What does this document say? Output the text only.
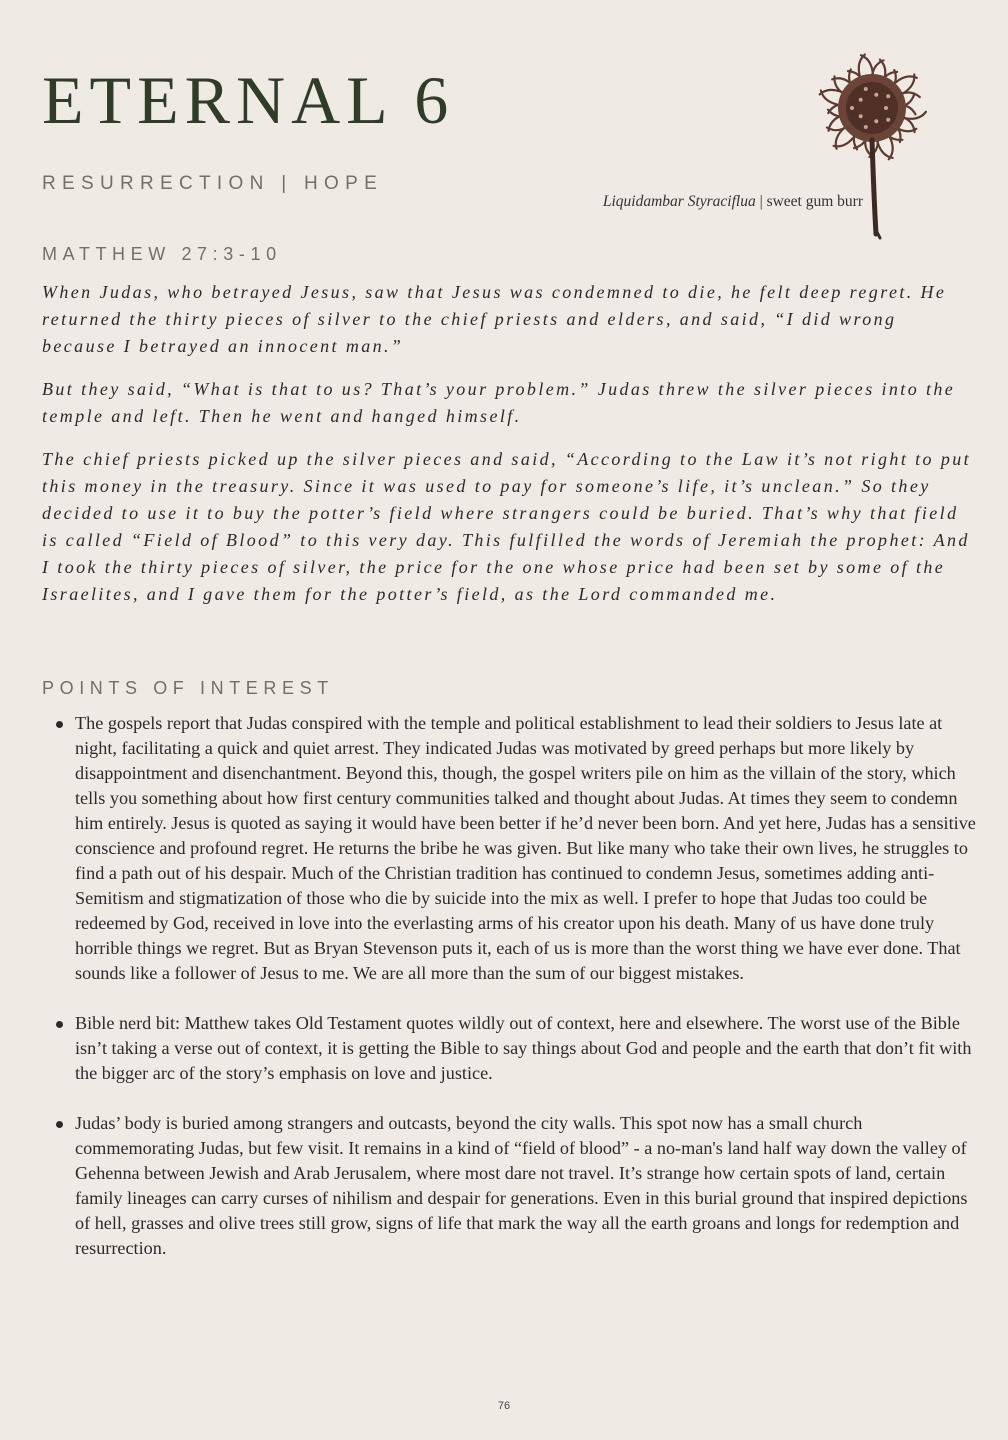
ETERNAL 6
RESURRECTION | HOPE
Liquidambar Styraciflua | sweet gum burr
MATTHEW 27:3-10

When Judas, who betrayed Jesus, saw that Jesus was condemned to die, he felt deep regret. He returned the thirty pieces of silver to the chief priests and elders, and said, “I did wrong because I betrayed an innocent man.”

But they said, “What is that to us? That’s your problem.” Judas threw the silver pieces into the temple and left. Then he went and hanged himself.

The chief priests picked up the silver pieces and said, “According to the Law it’s not right to put this money in the treasury. Since it was used to pay for someone’s life, it’s unclean.” So they decided to use it to buy the potter’s field where strangers could be buried. That’s why that field is called “Field of Blood” to this very day. This fulfilled the words of Jeremiah the prophet: And I took the thirty pieces of silver, the price for the one whose price had been set by some of the Israelites, and I gave them for the potter’s field, as the Lord commanded me.

POINTS OF INTEREST
The gospels report that Judas conspired with the temple and political establishment to lead their soldiers to Jesus late at night, facilitating a quick and quiet arrest. They indicated Judas was motivated by greed perhaps but more likely by disappointment and disenchantment. Beyond this, though, the gospel writers pile on him as the villain of the story, which tells you something about how first century communities talked and thought about Judas. At times they seem to condemn him entirely. Jesus is quoted as saying it would have been better if he’d never been born. And yet here, Judas has a sensitive conscience and profound regret. He returns the bribe he was given. But like many who take their own lives, he struggles to find a path out of his despair. Much of the Christian tradition has continued to condemn Jesus, sometimes adding anti-Semitism and stigmatization of those who die by suicide into the mix as well. I prefer to hope that Judas too could be redeemed by God, received in love into the everlasting arms of his creator upon his death. Many of us have done truly horrible things we regret. But as Bryan Stevenson puts it, each of us is more than the worst thing we have ever done. That sounds like a follower of Jesus to me. We are all more than the sum of our biggest mistakes.
Bible nerd bit: Matthew takes Old Testament quotes wildly out of context, here and elsewhere. The worst use of the Bible isn’t taking a verse out of context, it is getting the Bible to say things about God and people and the earth that don’t fit with the bigger arc of the story’s emphasis on love and justice.
Judas’ body is buried among strangers and outcasts, beyond the city walls. This spot now has a small church commemorating Judas, but few visit. It remains in a kind of “field of blood” - a no-man's land half way down the valley of Gehenna between Jewish and Arab Jerusalem, where most dare not travel. It’s strange how certain spots of land, certain family lineages can carry curses of nihilism and despair for generations. Even in this burial ground that inspired depictions of hell, grasses and olive trees still grow, signs of life that mark the way all the earth groans and longs for redemption and resurrection.
76
